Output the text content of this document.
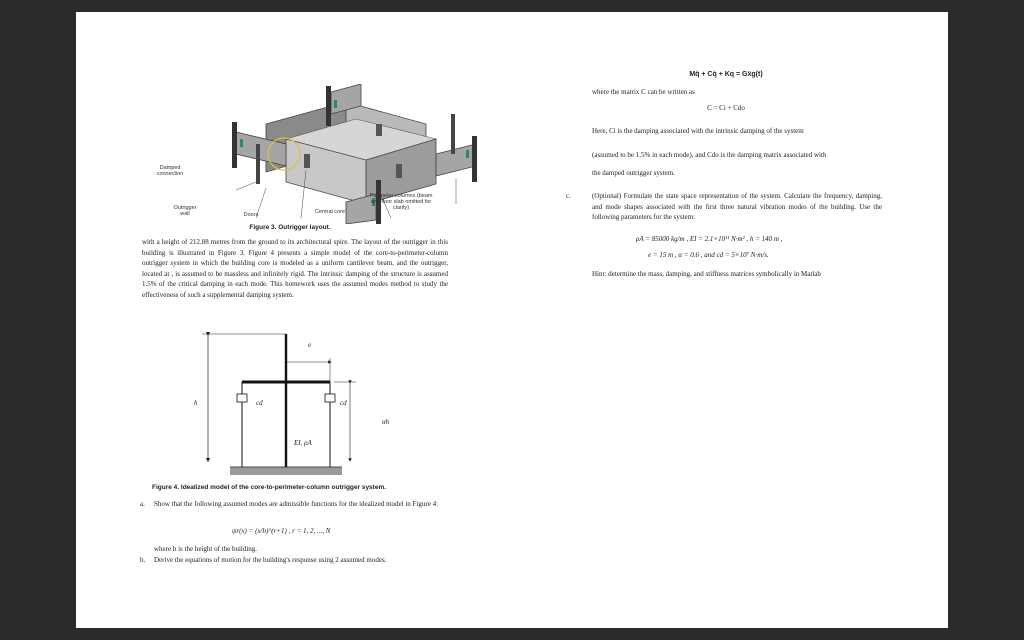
Damped connection
Outrigger wall	Doors	Central core
Perimeter columns (beam and floor slab omitted for clarity)
Figure 3. Outrigger layout.
with a height of 212.88 metres from the ground to its architectural spire. The layout of the outrigger in this building is illustrated in Figure 3. Figure 4 presents a simple model of the core-to-perimeter-column outrigger system in which the building core is modeled as a uniform cantilever beam, and the outrigger, located at , is assumed to be massless and infinitely rigid. The intrinsic damping of the structure is assumed 1.5% of the critical damping in each mode. This homework uses the assumed modes method to study the effectiveness of such a supplemental damping system.
e
h	cd	cd
αh
EI, ρA
Figure 4. Idealized model of the core-to-perimeter-column outrigger system.
a. Show that the following assumed modes are admissible functions for the idealized model in Figure 4:
ψr(x) = (x/h)^(r+1) , r = 1, 2, ..., N
where h is the height of the building.
b. Derive the equations of motion for the building's response using 2 assumed modes.
Mq̈ + Cq̇ + Kq = Gẍg(t)
where the matrix C can be written as
C = Ci + Cdo
Here, Ci is the damping associated with the intrinsic damping of the system
(assumed to be 1.5% in each mode), and Cdo is the damping matrix associated with
the damped outrigger system.
c.	(Optional) Formulate the state space representation of the system. Calculate the frequency, damping, and mode shapes associated with the first three natural vibration modes of the building. Use the following parameters for the system:
ρA = 85000 kg/m , EI = 2.1×10¹¹ N·m² , h = 140 m ,
e = 15 m , α = 0.6 , and cd = 5×10⁷ N·m/s.
Hint: determine the mass, damping, and stiffness matrices symbolically in Matlab
